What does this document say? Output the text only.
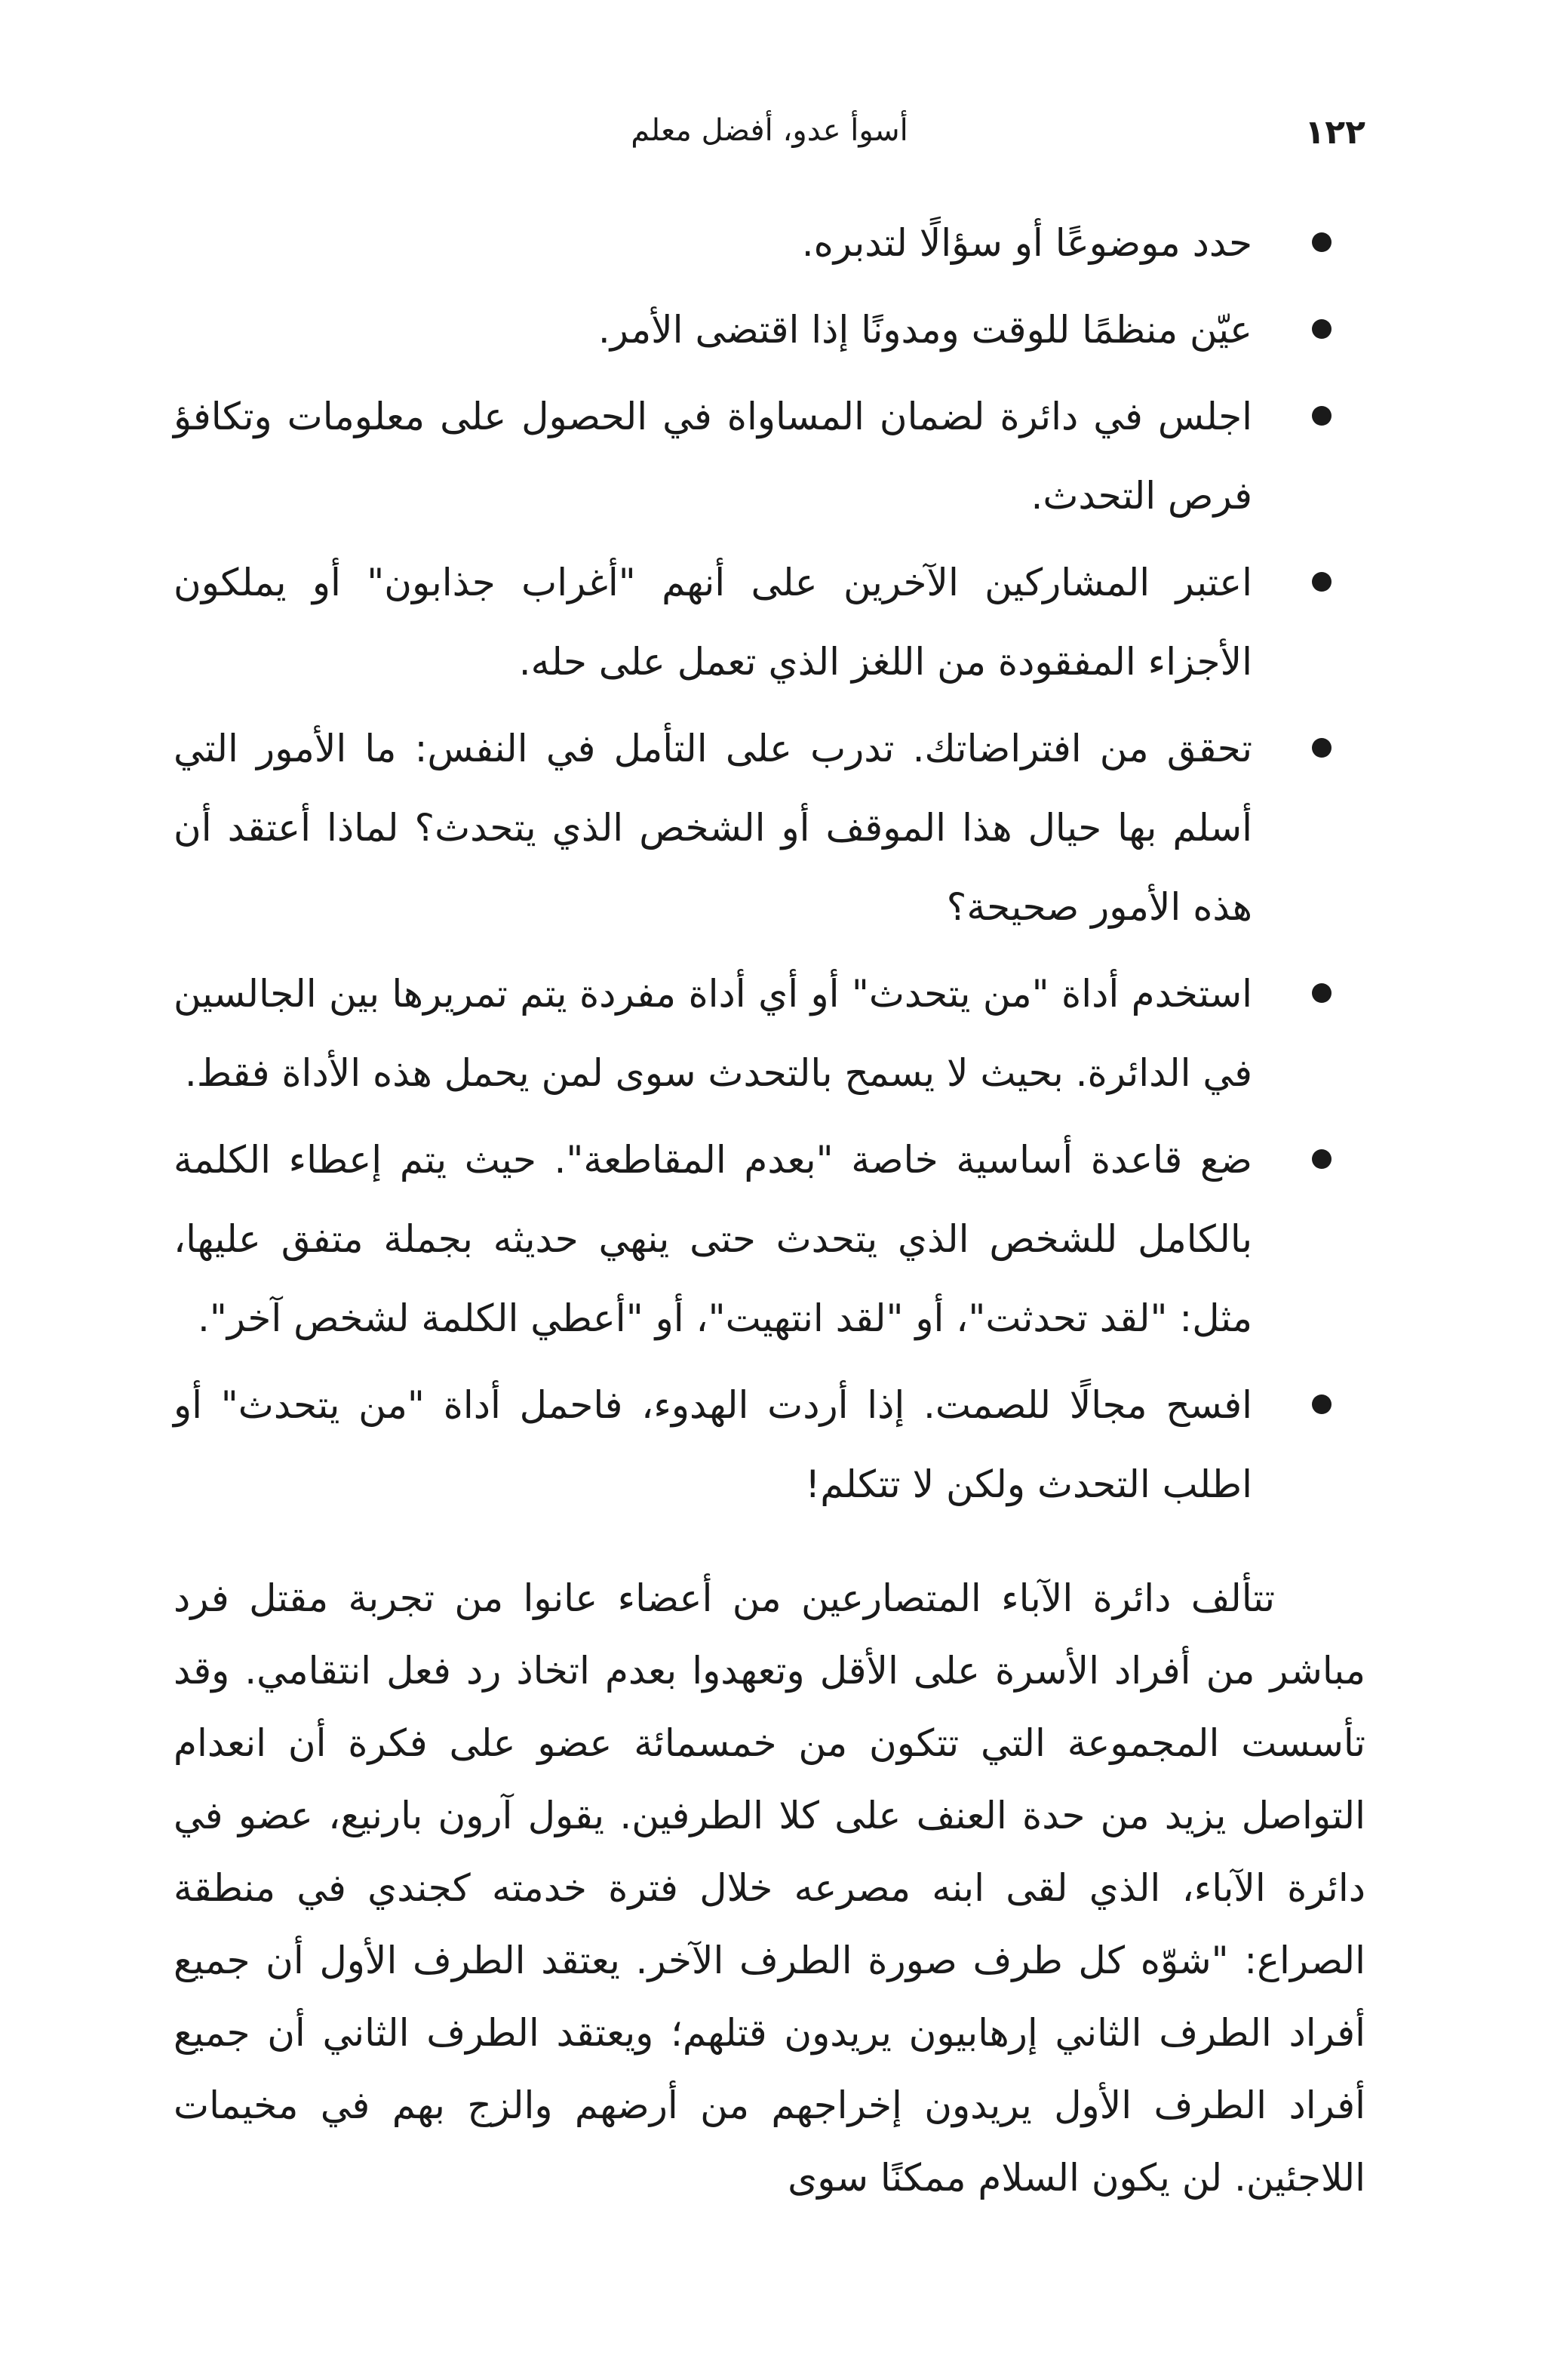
١٢٢
أسوأ عدو، أفضل معلم
حدد موضوعًا أو سؤالًا لتدبره.
عيّن منظمًا للوقت ومدونًا إذا اقتضى الأمر.
اجلس في دائرة لضمان المساواة في الحصول على معلومات وتكافؤ فرص التحدث.
اعتبر المشاركين الآخرين على أنهم "أغراب جذابون" أو يملكون الأجزاء المفقودة من اللغز الذي تعمل على حله.
تحقق من افتراضاتك. تدرب على التأمل في النفس: ما الأمور التي أسلم بها حيال هذا الموقف أو الشخص الذي يتحدث؟ لماذا أعتقد أن هذه الأمور صحيحة؟
استخدم أداة "من يتحدث" أو أي أداة مفردة يتم تمريرها بين الجالسين في الدائرة. بحيث لا يسمح بالتحدث سوى لمن يحمل هذه الأداة فقط.
ضع قاعدة أساسية خاصة "بعدم المقاطعة". حيث يتم إعطاء الكلمة بالكامل للشخص الذي يتحدث حتى ينهي حديثه بجملة متفق عليها، مثل: "لقد تحدثت"، أو "لقد انتهيت"، أو "أعطي الكلمة لشخص آخر".
افسح مجالًا للصمت. إذا أردت الهدوء، فاحمل أداة "من يتحدث" أو اطلب التحدث ولكن لا تتكلم!

تتألف دائرة الآباء المتصارعين من أعضاء عانوا من تجربة مقتل فرد مباشر من أفراد الأسرة على الأقل وتعهدوا بعدم اتخاذ رد فعل انتقامي. وقد تأسست المجموعة التي تتكون من خمسمائة عضو على فكرة أن انعدام التواصل يزيد من حدة العنف على كلا الطرفين. يقول آرون بارنيع، عضو في دائرة الآباء، الذي لقى ابنه مصرعه خلال فترة خدمته كجندي في منطقة الصراع: "شوّه كل طرف صورة الطرف الآخر. يعتقد الطرف الأول أن جميع أفراد الطرف الثاني إرهابيون يريدون قتلهم؛ ويعتقد الطرف الثاني أن جميع أفراد الطرف الأول يريدون إخراجهم من أرضهم والزج بهم في مخيمات اللاجئين. لن يكون السلام ممكنًا سوى
